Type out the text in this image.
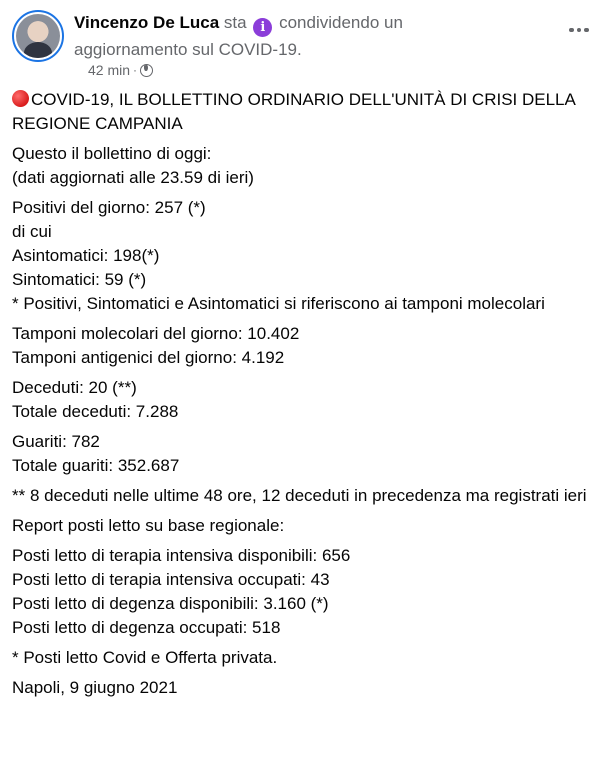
Vincenzo De Luca sta i condividendo un aggiornamento sul COVID-19.
42 min ·
COVID-19, IL BOLLETTINO ORDINARIO DELL'UNITÀ DI CRISI DELLA REGIONE CAMPANIA
Questo il bollettino di oggi:
(dati aggiornati alle 23.59 di ieri)
Positivi del giorno: 257 (*)
di cui
Asintomatici: 198(*)
Sintomatici: 59 (*)
* Positivi, Sintomatici e Asintomatici si riferiscono ai tamponi molecolari
Tamponi molecolari del giorno: 10.402
Tamponi antigenici del giorno: 4.192
Deceduti: 20 (**)
Totale deceduti: 7.288
Guariti: 782
Totale guariti: 352.687
** 8 deceduti nelle ultime 48 ore, 12 deceduti in precedenza ma registrati ieri
Report posti letto su base regionale:
Posti letto di terapia intensiva disponibili: 656
Posti letto di terapia intensiva occupati: 43
Posti letto di degenza disponibili: 3.160 (*)
Posti letto di degenza occupati: 518
* Posti letto Covid e Offerta privata.
Napoli, 9 giugno 2021
